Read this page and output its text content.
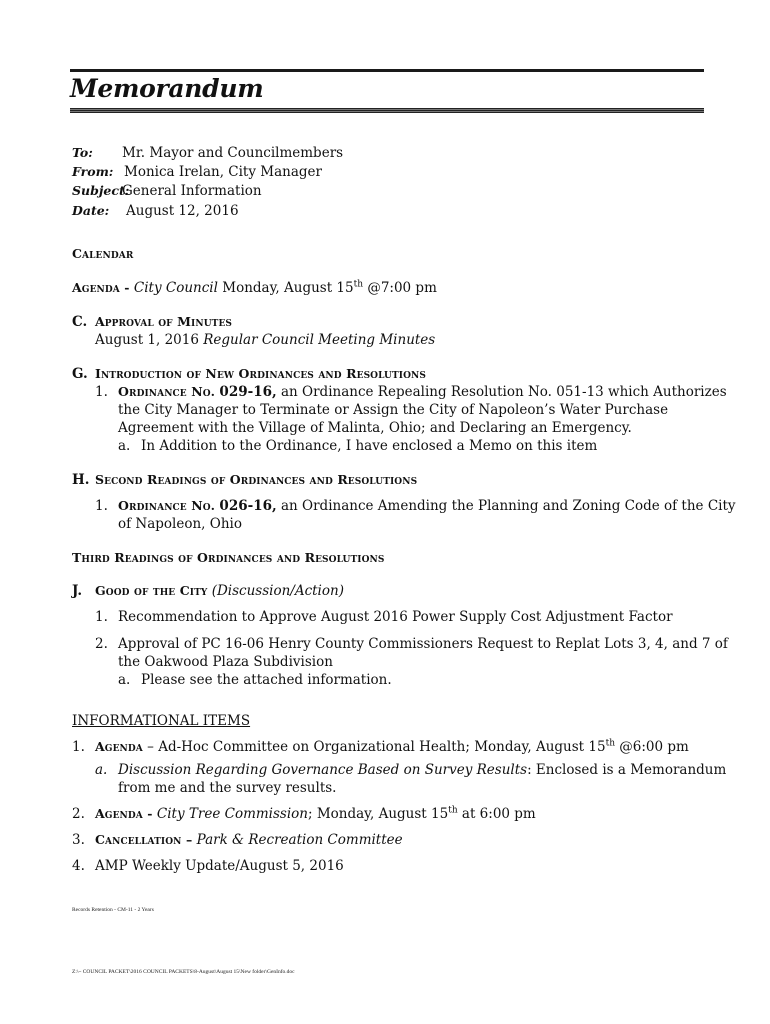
Memorandum
To: Mr. Mayor and Councilmembers
From: Monica Irelan, City Manager
Subject:
General Information
Date: August 12, 2016
Calendar
Agenda - City Council Monday, August 15th @7:00 pm
C. Approval of Minutes
August 1, 2016 Regular Council Meeting Minutes
G. Introduction of New Ordinances and Resolutions
1. Ordinance No. 029-16, an Ordinance Repealing Resolution No. 051-13 which Authorizes
the City Manager to Terminate or Assign the City of Napoleon’s Water Purchase
Agreement with the Village of Malinta, Ohio; and Declaring an Emergency.
a. In Addition to the Ordinance, I have enclosed a Memo on this item
H. Second Readings of Ordinances and Resolutions
1. Ordinance No. 026-16, an Ordinance Amending the Planning and Zoning Code of the City
of Napoleon, Ohio
Third Readings of Ordinances and Resolutions
J. Good of the City (Discussion/Action)
1. Recommendation to Approve August 2016 Power Supply Cost Adjustment Factor
2. Approval of PC 16-06 Henry County Commissioners Request to Replat Lots 3, 4, and 7 of
the Oakwood Plaza Subdivision
a. Please see the attached information.
INFORMATIONAL ITEMS
1. Agenda – Ad-Hoc Committee on Organizational Health; Monday, August 15th @6:00 pm
a. Discussion Regarding Governance Based on Survey Results: Enclosed is a Memorandum
from me and the survey results.
2. Agenda - City Tree Commission; Monday, August 15th at 6:00 pm
3. Cancellation – Park & Recreation Committee
4. AMP Weekly Update/August 5, 2016
Records Retention - CM-11 - 2 Years
Z:\~ COUNCIL PACKET\2016 COUNCIL PACKETS\8-August\August 15\New folder\GenInfo.doc
